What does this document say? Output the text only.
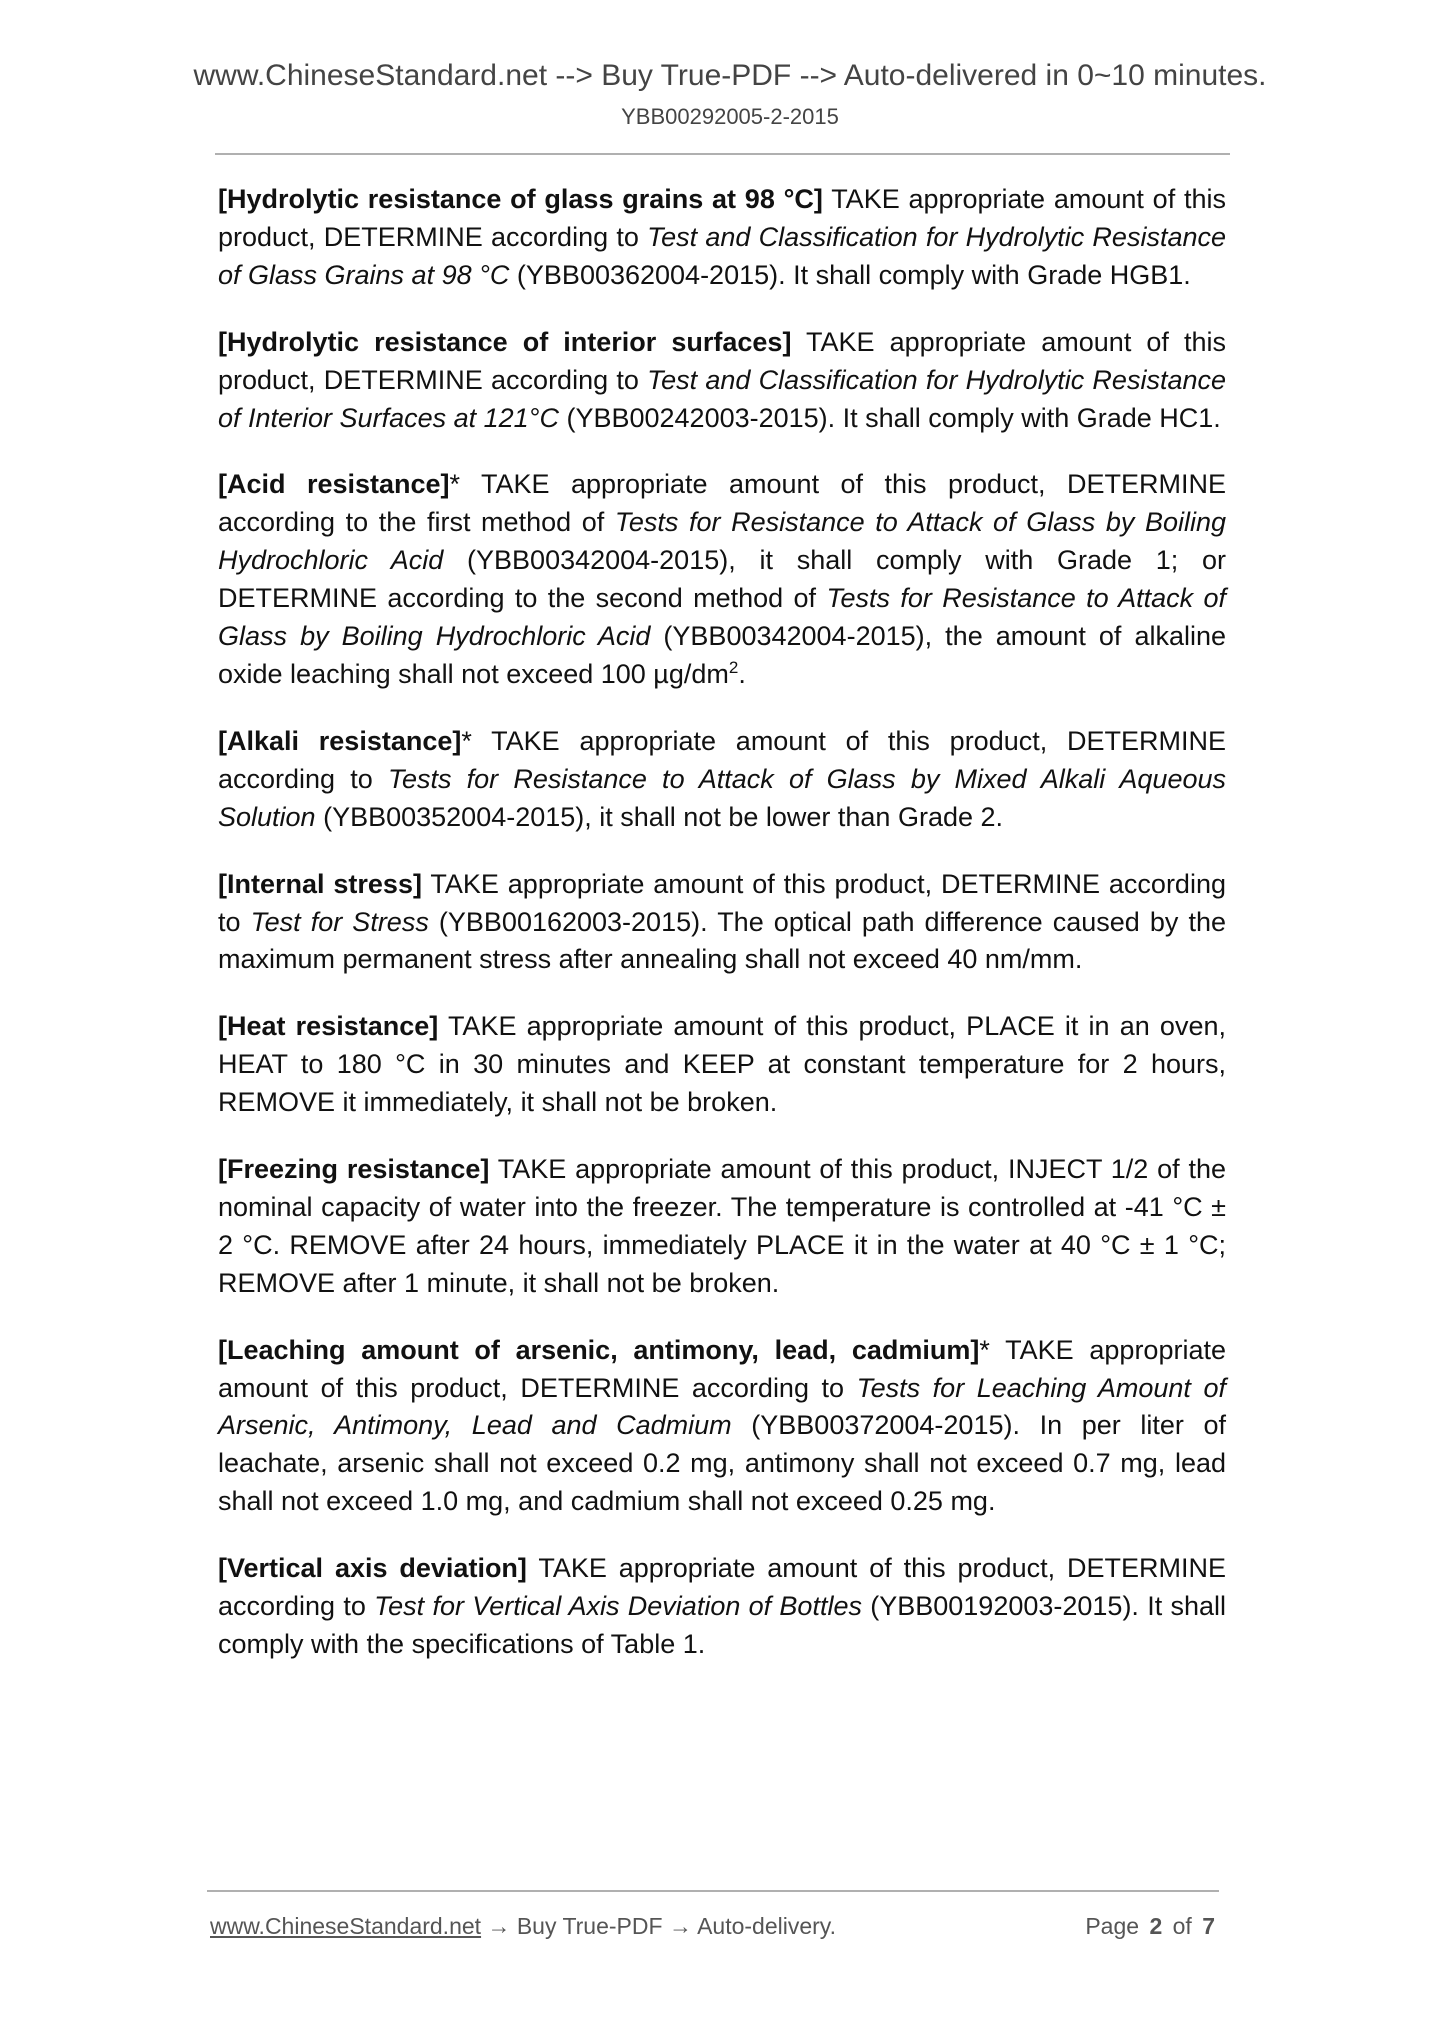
www.ChineseStandard.net --> Buy True-PDF --> Auto-delivered in 0~10 minutes.
YBB00292005-2-2015

[Hydrolytic resistance of glass grains at 98 °C] TAKE appropriate amount of this product, DETERMINE according to Test and Classification for Hydrolytic Resistance of Glass Grains at 98 °C (YBB00362004-2015). It shall comply with Grade HGB1.

[Hydrolytic resistance of interior surfaces] TAKE appropriate amount of this product, DETERMINE according to Test and Classification for Hydrolytic Resistance of Interior Surfaces at 121°C (YBB00242003-2015). It shall comply with Grade HC1.

[Acid resistance]* TAKE appropriate amount of this product, DETERMINE according to the first method of Tests for Resistance to Attack of Glass by Boiling Hydrochloric Acid (YBB00342004-2015), it shall comply with Grade 1; or DETERMINE according to the second method of Tests for Resistance to Attack of Glass by Boiling Hydrochloric Acid (YBB00342004-2015), the amount of alkaline oxide leaching shall not exceed 100 $\mu g/dm^2$.

[Alkali resistance]* TAKE appropriate amount of this product, DETERMINE according to Tests for Resistance to Attack of Glass by Mixed Alkali Aqueous Solution (YBB00352004-2015), it shall not be lower than Grade 2.

[Internal stress] TAKE appropriate amount of this product, DETERMINE according to Test for Stress (YBB00162003-2015). The optical path difference caused by the maximum permanent stress after annealing shall not exceed 40 nm/mm.

[Heat resistance] TAKE appropriate amount of this product, PLACE it in an oven, HEAT to 180 °C in 30 minutes and KEEP at constant temperature for 2 hours, REMOVE it immediately, it shall not be broken.

[Freezing resistance] TAKE appropriate amount of this product, INJECT 1/2 of the nominal capacity of water into the freezer. The temperature is controlled at -41 °C ± 2 °C. REMOVE after 24 hours, immediately PLACE it in the water at 40 °C ± 1 °C; REMOVE after 1 minute, it shall not be broken.

[Leaching amount of arsenic, antimony, lead, cadmium]* TAKE appropriate amount of this product, DETERMINE according to Tests for Leaching Amount of Arsenic, Antimony, Lead and Cadmium (YBB00372004-2015). In per liter of leachate, arsenic shall not exceed 0.2 mg, antimony shall not exceed 0.7 mg, lead shall not exceed 1.0 mg, and cadmium shall not exceed 0.25 mg.

[Vertical axis deviation] TAKE appropriate amount of this product, DETERMINE according to Test for Vertical Axis Deviation of Bottles (YBB00192003-2015). It shall comply with the specifications of Table 1.

www.ChineseStandard.net → Buy True-PDF → Auto-delivery.	Page 2 of 7
